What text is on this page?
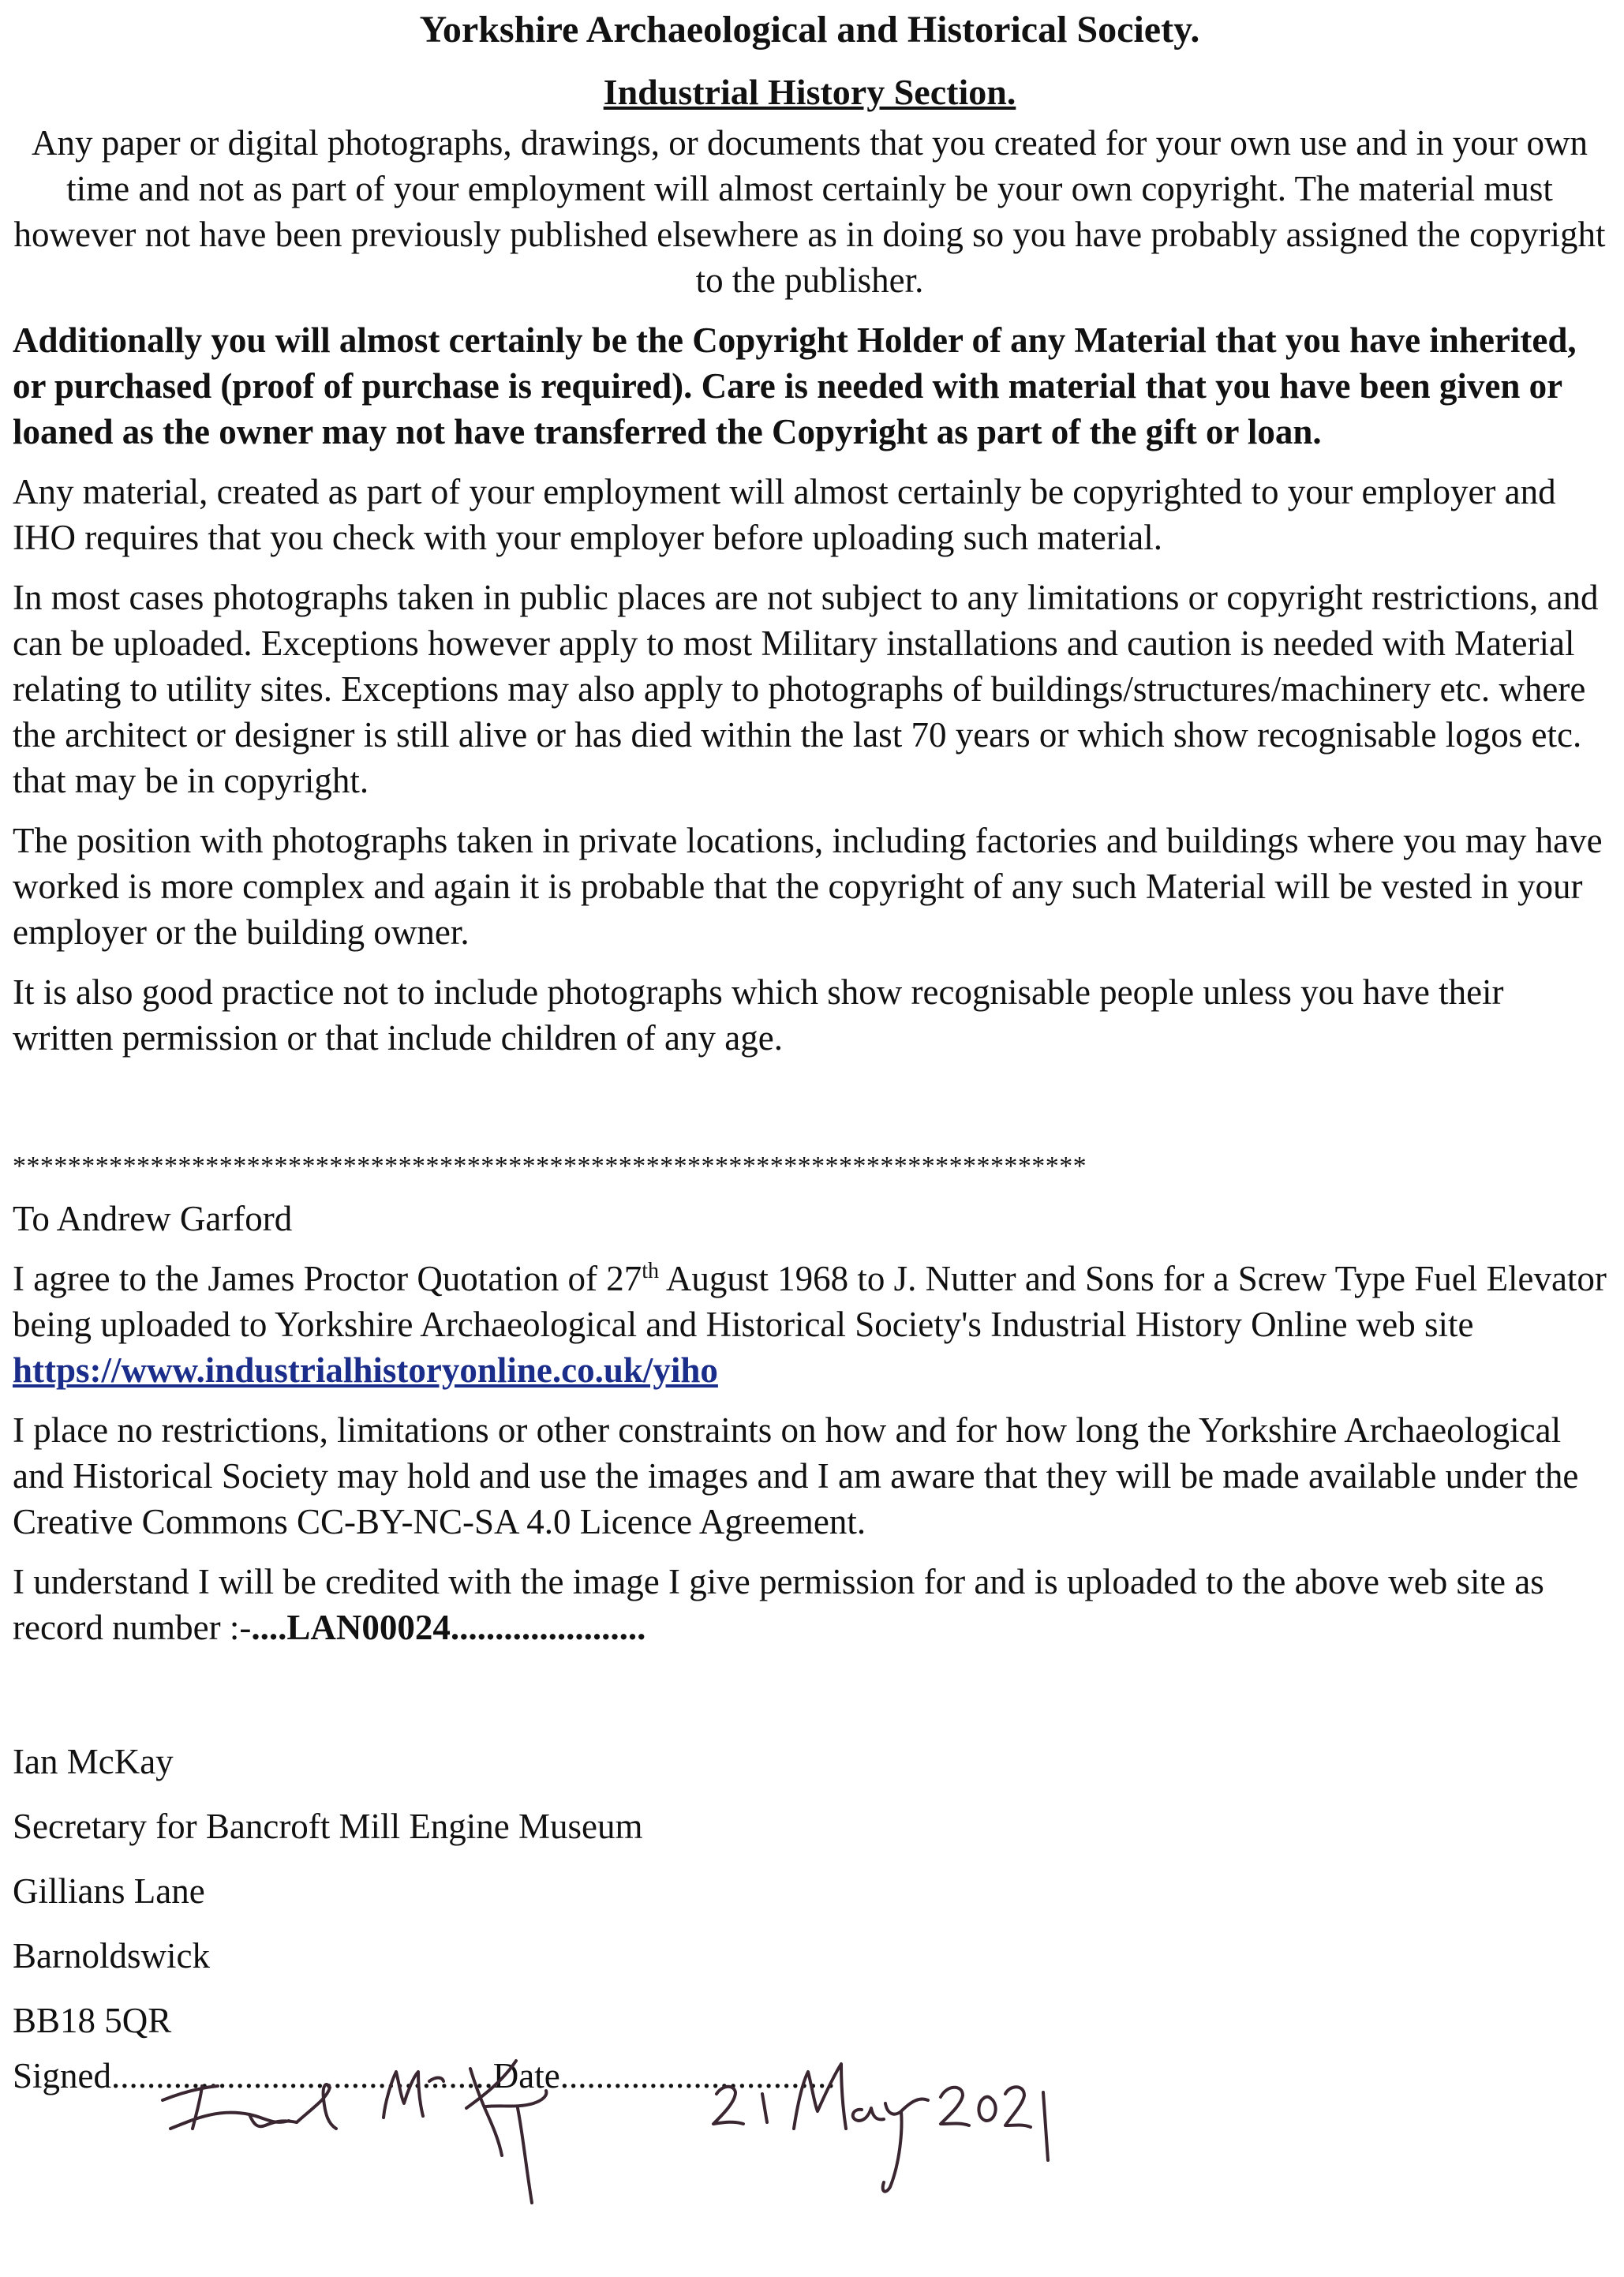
Yorkshire Archaeological and Historical Society.

Industrial History Section.

Any paper or digital photographs, drawings, or documents that you created for your own use and in your own time and not as part of your employment will almost certainly be your own copyright. The material must however not have been previously published elsewhere as in doing so you have probably assigned the copyright to the publisher.

Additionally you will almost certainly be the Copyright Holder of any Material that you have inherited, or purchased (proof of purchase is required). Care is needed with material that you have been given or loaned as the owner may not have transferred the Copyright as part of the gift or loan.

Any material, created as part of your employment will almost certainly be copyrighted to your employer and IHO requires that you check with your employer before uploading such material.

In most cases photographs taken in public places are not subject to any limitations or copyright restrictions, and can be uploaded. Exceptions however apply to most Military installations and caution is needed with Material relating to utility sites. Exceptions may also apply to photographs of buildings/structures/machinery etc. where the architect or designer is still alive or has died within the last 70 years or which show recognisable logos etc. that may be in copyright.

The position with photographs taken in private locations, including factories and buildings where you may have worked is more complex and again it is probable that the copyright of any such Material will be vested in your employer or the building owner.

It is also good practice not to include photographs which show recognisable people unless you have their written permission or that include children of any age.

******************************************************************************

To Andrew Garford

I agree to the James Proctor Quotation of 27th August 1968 to J. Nutter and Sons for a Screw Type Fuel Elevator being uploaded to Yorkshire Archaeological and Historical Society's Industrial History Online web site https://www.industrialhistoryonline.co.uk/yiho

I place no restrictions, limitations or other constraints on how and for how long the Yorkshire Archaeological and Historical Society may hold and use the images and I am aware that they will be made available under the Creative Commons CC-BY-NC-SA 4.0 Licence Agreement.

I understand I will be credited with the image I give permission for and is uploaded to the above web site as record number :-....LAN00024......................

Ian McKay

Secretary for Bancroft Mill Engine Museum

Gillians Lane

Barnoldswick

BB18 5QR

Signed...........................................Date...............................
